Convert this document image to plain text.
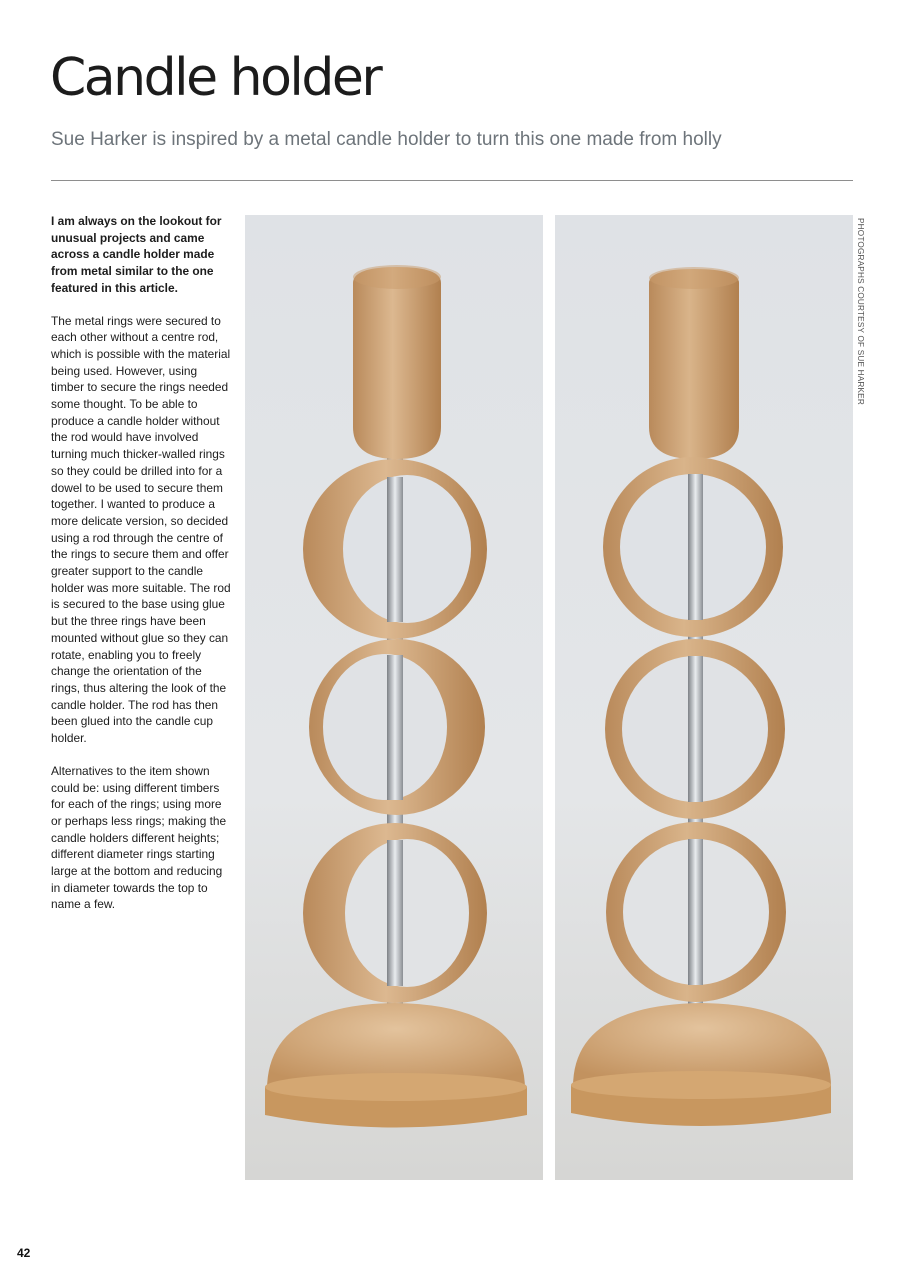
Candle holder

Sue Harker is inspired by a metal candle holder to turn this one made from holly

I am always on the lookout for unusual projects and came across a candle holder made from metal similar to the one featured in this article.

The metal rings were secured to each other without a centre rod, which is possible with the material being used. However, using timber to secure the rings needed some thought. To be able to produce a candle holder without the rod would have involved turning much thicker-walled rings so they could be drilled into for a dowel to be used to secure them together. I wanted to produce a more delicate version, so decided using a rod through the centre of the rings to secure them and offer greater support to the candle holder was more suitable. The rod is secured to the base using glue but the three rings have been mounted without glue so they can rotate, enabling you to freely change the orientation of the rings, thus altering the look of the candle holder. The rod has then been glued into the candle cup holder.

Alternatives to the item shown could be: using different timbers for each of the rings; using more or perhaps less rings; making the candle holders different heights; different diameter rings starting large at the bottom and reducing in diameter towards the top to name a few.

PHOTOGRAPHS COURTESY OF SUE HARKER
42
